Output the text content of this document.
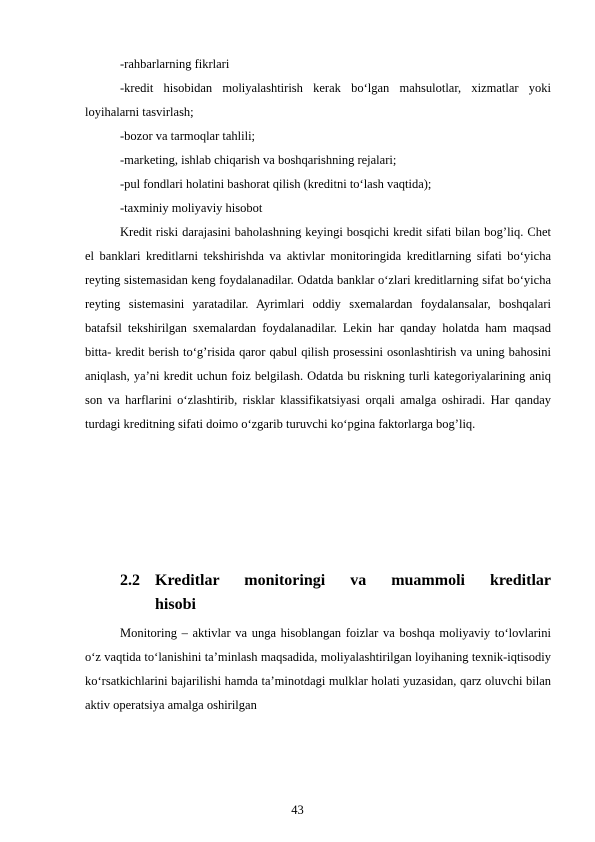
-rahbarlarning fikrlari

-kredit hisobidan moliyalashtirish kerak bo‘lgan mahsulotlar, xizmatlar yoki loyihalarni tasvirlash;

-bozor va tarmoqlar tahlili;

-marketing, ishlab chiqarish va boshqarishning rejalari;

-pul fondlari holatini bashorat qilish (kreditni to‘lash vaqtida);

-taxminiy moliyaviy hisobot

Kredit riski darajasini baholashning keyingi bosqichi kredit sifati bilan bog’liq. Chet el banklari kreditlarni tekshirishda va aktivlar monitoringida kreditlarning sifati bo‘yicha reyting sistemasidan keng foydalanadilar. Odatda banklar o‘zlari kreditlarning sifat bo‘yicha reyting sistemasini yaratadilar. Ayrimlari oddiy sxemalardan foydalansalar, boshqalari batafsil tekshirilgan sxemalardan foydalanadilar. Lekin har qanday holatda ham maqsad bitta- kredit berish to‘g’risida qaror qabul qilish prosessini osonlashtirish va uning bahosini aniqlash, ya’ni kredit uchun foiz belgilash. Odatda bu riskning turli kategoriyalarining aniq son va harflarini o‘zlashtirib, risklar klassifikatsiyasi orqali amalga oshiradi. Har qanday turdagi kreditning sifati doimo o‘zgarib turuvchi ko‘pgina faktorlarga bog’liq.

2.2 Kreditlar monitoringi va muammoli kreditlar
hisobi

Monitoring – aktivlar va unga hisoblangan foizlar va boshqa moliyaviy to‘lovlarini o‘z vaqtida to‘lanishini ta’minlash maqsadida, moliyalashtirilgan loyihaning texnik-iqtisodiy ko‘rsatkichlarini bajarilishi hamda ta’minotdagi mulklar holati yuzasidan, qarz oluvchi bilan aktiv operatsiya amalga oshirilgan

43
